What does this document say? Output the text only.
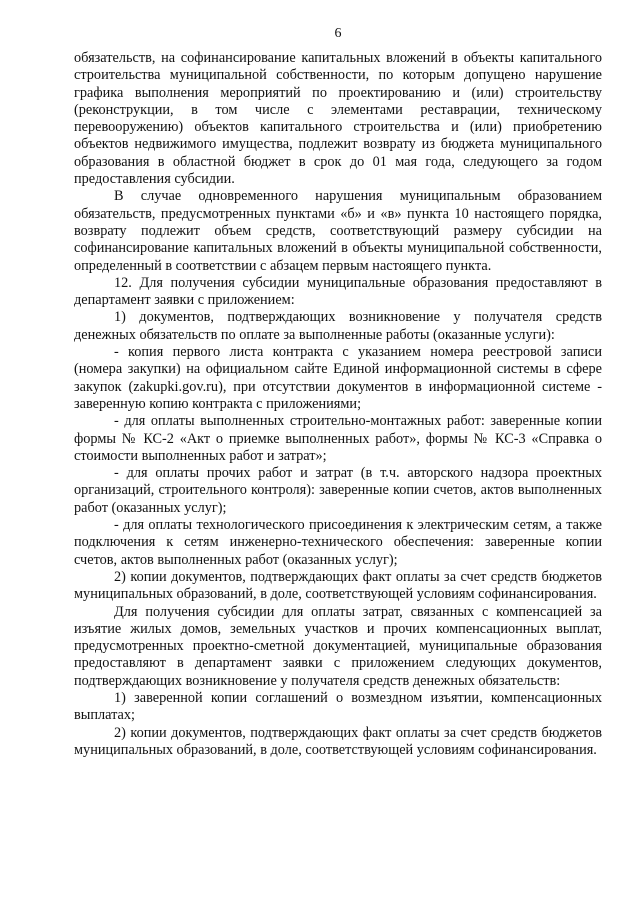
6

обязательств, на софинансирование капитальных вложений в объекты капитального строительства муниципальной собственности, по которым допущено нарушение графика выполнения мероприятий по проектированию и (или) строительству (реконструкции, в том числе с элементами реставрации, техническому перевооружению) объектов капитального строительства и (или) приобретению объектов недвижимого имущества, подлежит возврату из бюджета муниципального образования в областной бюджет в срок до 01 мая года, следующего за годом предоставления субсидии.

В случае одновременного нарушения муниципальным образованием обязательств, предусмотренных пунктами «б» и «в» пункта 10 настоящего порядка, возврату подлежит объем средств, соответствующий размеру субсидии на софинансирование капитальных вложений в объекты муниципальной собственности, определенный в соответствии с абзацем первым настоящего пункта.

12. Для получения субсидии муниципальные образования предоставляют в департамент заявки с приложением:

1) документов, подтверждающих возникновение у получателя средств денежных обязательств по оплате за выполненные работы (оказанные услуги):

- копия первого листа контракта с указанием номера реестровой записи (номера закупки) на официальном сайте Единой информационной системы в сфере закупок (zakupki.gov.ru), при отсутствии документов в информационной системе - заверенную копию контракта с приложениями;

- для оплаты выполненных строительно-монтажных работ: заверенные копии формы № КС-2 «Акт о приемке выполненных работ», формы № КС-3 «Справка о стоимости выполненных работ и затрат»;

- для оплаты прочих работ и затрат (в т.ч. авторского надзора проектных организаций, строительного контроля): заверенные копии счетов, актов выполненных работ (оказанных услуг);

- для оплаты технологического присоединения к электрическим сетям, а также подключения к сетям инженерно-технического обеспечения: заверенные копии счетов, актов выполненных работ (оказанных услуг);

2) копии документов, подтверждающих факт оплаты за счет средств бюджетов муниципальных образований, в доле, соответствующей условиям софинансирования.

Для получения субсидии для оплаты затрат, связанных с компенсацией за изъятие жилых домов, земельных участков и прочих компенсационных выплат, предусмотренных проектно-сметной документацией, муниципальные образования предоставляют в департамент заявки с приложением следующих документов, подтверждающих возникновение у получателя средств денежных обязательств:

1) заверенной копии соглашений о возмездном изъятии, компенсационных выплатах;

2) копии документов, подтверждающих факт оплаты за счет средств бюджетов муниципальных образований, в доле, соответствующей условиям софинансирования.
